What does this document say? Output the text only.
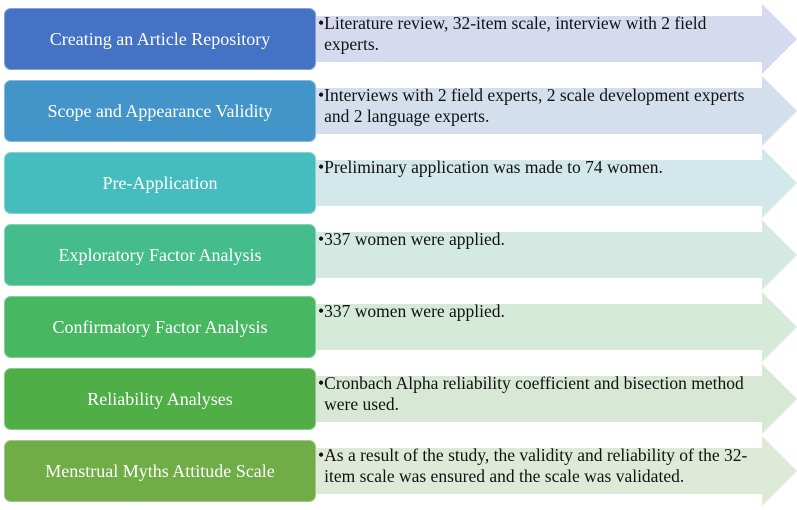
Creating an Article Repository
• Literature review, 32-item scale, interview with 2 field experts.
Scope and Appearance Validity
• Interviews with 2 field experts, 2 scale development experts and 2 language experts.
Pre-Application
• Preliminary application was made to 74 women.
Exploratory Factor Analysis
• 337 women were applied.
Confirmatory Factor Analysis
• 337 women were applied.
Reliability Analyses
• Cronbach Alpha reliability coefficient and bisection method were used.
Menstrual Myths Attitude Scale
• As a result of the study, the validity and reliability of the 32-item scale was ensured and the scale was validated.
